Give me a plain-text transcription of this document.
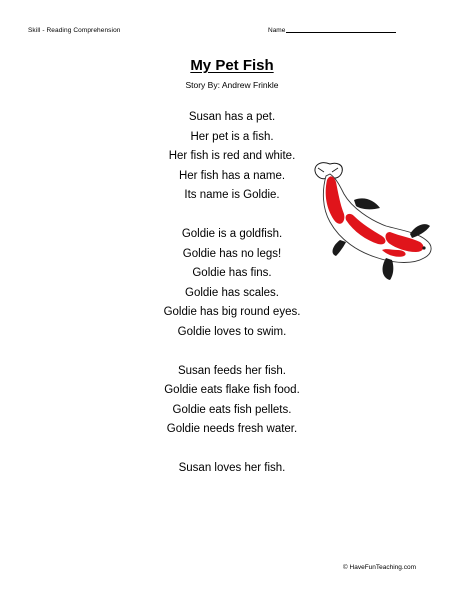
Skill - Reading Comprehension	Name
My Pet Fish
Story By: Andrew Frinkle
Susan has a pet.
Her pet is a fish.
Her fish is red and white.
Her fish has a name.
Its name is Goldie.
Goldie is a goldfish.
Goldie has no legs!
Goldie has fins.
Goldie has scales.
Goldie has big round eyes.
Goldie loves to swim.
Susan feeds her fish.
Goldie eats flake fish food.
Goldie eats fish pellets.
Goldie needs fresh water.
Susan loves her fish.
© HaveFunTeaching.com
